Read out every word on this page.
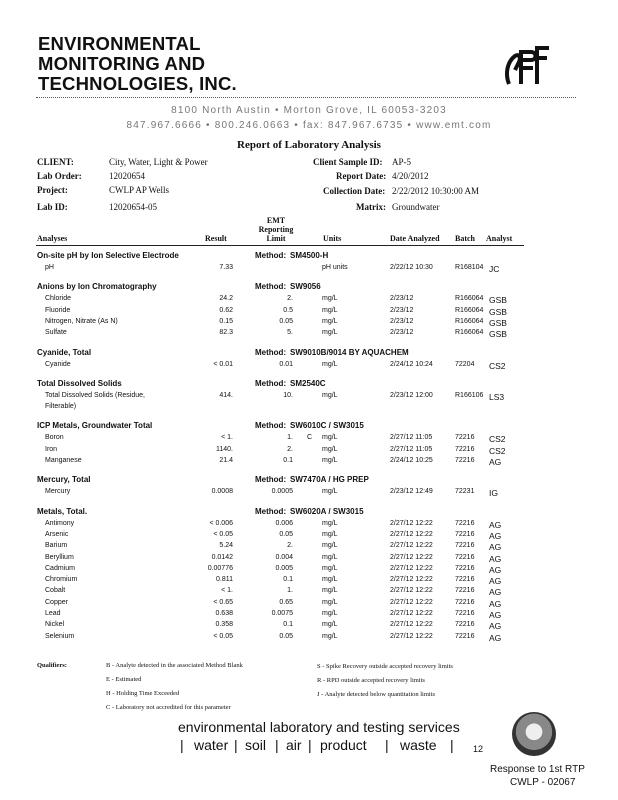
ENVIRONMENTAL
MONITORING AND
TECHNOLOGIES, INC.
8100 North Austin • Morton Grove, IL 60053-3203
847.967.6666 • 800.246.0663 • fax: 847.967.6735 • www.emt.com
Report of Laboratory Analysis
CLIENT:	City, Water, Light & Power
Lab Order:	12020654
Project:	CWLP AP Wells
Lab ID:	12020654-05
Client Sample ID: AP-5
Report Date: 4/20/2012
Collection Date: 2/22/2012 10:30:00 AM
Matrix: Groundwater
Analyses	Result
EMT
Reporting
Limit	Units	Date Analyzed Batch Analyst
On-site pH by Ion Selective Electrode	Method: SM4500-H
pH	7.33	pH units	2/22/12 10:30	R168104 JC
Anions by Ion Chromatography	Method: SW9056
Chloride	24.2	2.	mg/L	2/23/12	R166064 GSB
Fluoride	0.62	0.5	mg/L	2/23/12	R166064 GSB
Nitrogen, Nitrate (As N)	0.15	0.05	mg/L	2/23/12	R166064 GSB
Sulfate	82.3	5.	mg/L	2/23/12	R166064 GSB
Cyanide, Total	Method: SW9010B/9014 BY AQUACHEM
Cyanide	< 0.01	0.01	mg/L	2/24/12 10:24	72204 CS2
Total Dissolved Solids	Method: SM2540C
Total Dissolved Solids (Residue,	414.	10.	mg/L	2/23/12 12:00	R166106 LS3
Filterable)
ICP Metals, Groundwater Total	Method: SW6010C / SW3015
Boron	< 1.	1. C mg/L	2/27/12 11:05	72216 CS2
Iron	1140.	2.	mg/L	2/27/12 11:05	72216 CS2
Manganese	21.4	0.1	mg/L	2/24/12 10:25	72216 AG
Mercury, Total	Method: SW7470A / HG PREP
Mercury	0.0008	0.0005	mg/L	2/23/12 12:49	72231 IG
Metals, Total.	Method: SW6020A / SW3015
Antimony	< 0.006	0.006	mg/L	2/27/12 12:22	72216 AG
Arsenic	< 0.05	0.05	mg/L	2/27/12 12:22	72216 AG
Barium	5.24	2.	mg/L	2/27/12 12:22	72216 AG
Beryllium	0.0142	0.004	mg/L	2/27/12 12:22	72216 AG
Cadmium	0.00776	0.005	mg/L	2/27/12 12:22	72216 AG
Chromium	0.811	0.1	mg/L	2/27/12 12:22	72216 AG
Cobalt	< 1.	1.	mg/L	2/27/12 12:22	72216 AG
Copper	< 0.65	0.65	mg/L	2/27/12 12:22	72216 AG
Lead	0.638	0.0075	mg/L	2/27/12 12:22	72216 AG
Nickel	0.358	0.1	mg/L	2/27/12 12:22	72216 AG
Selenium	< 0.05	0.05	mg/L	2/27/12 12:22	72216 AG
Qualifiers:	B - Analyte detected in the associated Method Blank
E - Estimated
H - Holding Time Exceeded
C - Laboratory not accredited for this parameter
S - Spike Recovery outside accepted recovery limits
R - RPD outside accepted recovery limits
J - Analyte detected below quantitation limits
environmental laboratory and testing services
| water | soil | air | product | waste | 12
Response to 1st RTP
CWLP - 02067
